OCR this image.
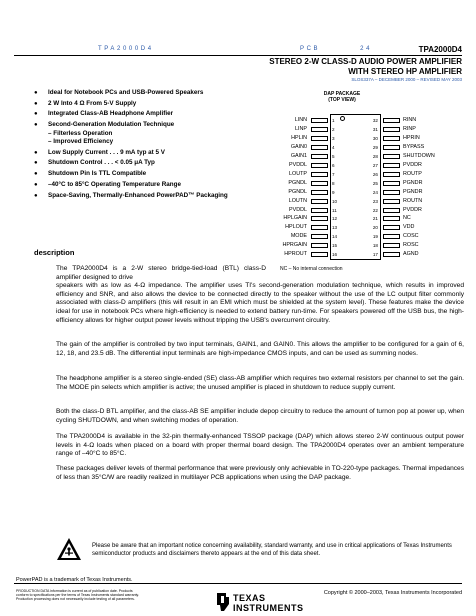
TPA2000D4	PCB	24	TPA2000D4
STEREO 2-W CLASS-D AUDIO POWER AMPLIFIER
WITH STEREO HP AMPLIFIER
SLOS337A – DECEMBER 2000 – REVISED MAY 2003
● Ideal for Notebook PCs and USB-Powered Speakers
● 2 W Into 4 Ω From 5-V Supply
● Integrated Class-AB Headphone Amplifier
● Second-Generation Modulation Technique
– Filterless Operation
– Improved Efficiency
● Low Supply Current . . . 9 mA typ at 5 V
● Shutdown Control . . . < 0.05 μA Typ
● Shutdown Pin Is TTL Compatible
● –40°C to 85°C Operating Temperature Range
● Space-Saving, Thermally-Enhanced PowerPAD™ Packaging
DAP PACKAGE
(TOP VIEW)
LINN	1	32	RINN
LINP	2	31	RINP
HPLIN	3	30	HPRIN
GAIN0	4	29	BYPASS
GAIN1	5	28	SHUTDOWN
PVDDL	6	27	PVDDR
LOUTP	7	26	ROUTP
PGNDL	8	25	PGNDR
PGNDL	9	24	PGNDR
LOUTN	10	23	ROUTN
PVDDL	11	22	PVDDR
HPLGAIN	12	21	NC
HPLOUT	13	20	VDD
MODE	14	19	COSC
HPRGAIN	15	18	ROSC
HPROUT	16	17	AGND
NC – No internal connection
description
The TPA2000D4 is a 2-W stereo bridge-tied-load (BTL) class-D amplifier designed to drive
speakers with as low as 4-Ω impedance. The amplifier uses TI's second-generation modulation technique, which results in improved efficiency and SNR, and also allows the device to be connected directly to the speaker without the use of the LC output filter commonly associated with class-D amplifiers (this will result in an EMI which must be shielded at the system level). These features make the device ideal for use in notebook PCs where high-efficiency is needed to extend battery run-time. For speakers powered off the USB bus, the high-efficiency allows for higher output power levels without tripping the USB's overcurrent circuitry.
The gain of the amplifier is controlled by two input terminals, GAIN1, and GAIN0. This allows the amplifier to be configured for a gain of 6, 12, 18, and 23.5 dB. The differential input terminals are high-impedance CMOS inputs, and can be used as summing nodes.
The headphone amplifier is a stereo single-ended (SE) class-AB amplifier which requires two external resistors per channel to set the gain. The MODE pin selects which amplifier is active; the unused amplifier is placed in shutdown to reduce supply current.
Both the class-D BTL amplifier, and the class-AB SE amplifier include depop circuitry to reduce the amount of turnon pop at power up, when cycling SHUTDOWN, and when switching modes of operation.
The TPA2000D4 is available in the 32-pin thermally-enhanced TSSOP package (DAP) which allows stereo 2-W continuous output power levels in 4-Ω loads when placed on a board with proper thermal board design. The TPA2000D4 operates over an ambient temperature range of –40°C to 85°C.
These packages deliver levels of thermal performance that were previously only achievable in TO-220-type packages. Thermal impedances of less than 35°C/W are readily realized in multilayer PCB applications when using the DAP package.
Please be aware that an important notice concerning availability, standard warranty, and use in critical applications of Texas Instruments semiconductor products and disclaimers thereto appears at the end of this data sheet.
PowerPAD is a trademark of Texas Instruments.
PRODUCTION DATA information is current as of publication date. Products conform to specifications per the terms of Texas Instruments standard warranty. Production processing does not necessarily include testing of all parameters.	TEXAS
INSTRUMENTS
Copyright © 2000–2003, Texas Instruments Incorporated
